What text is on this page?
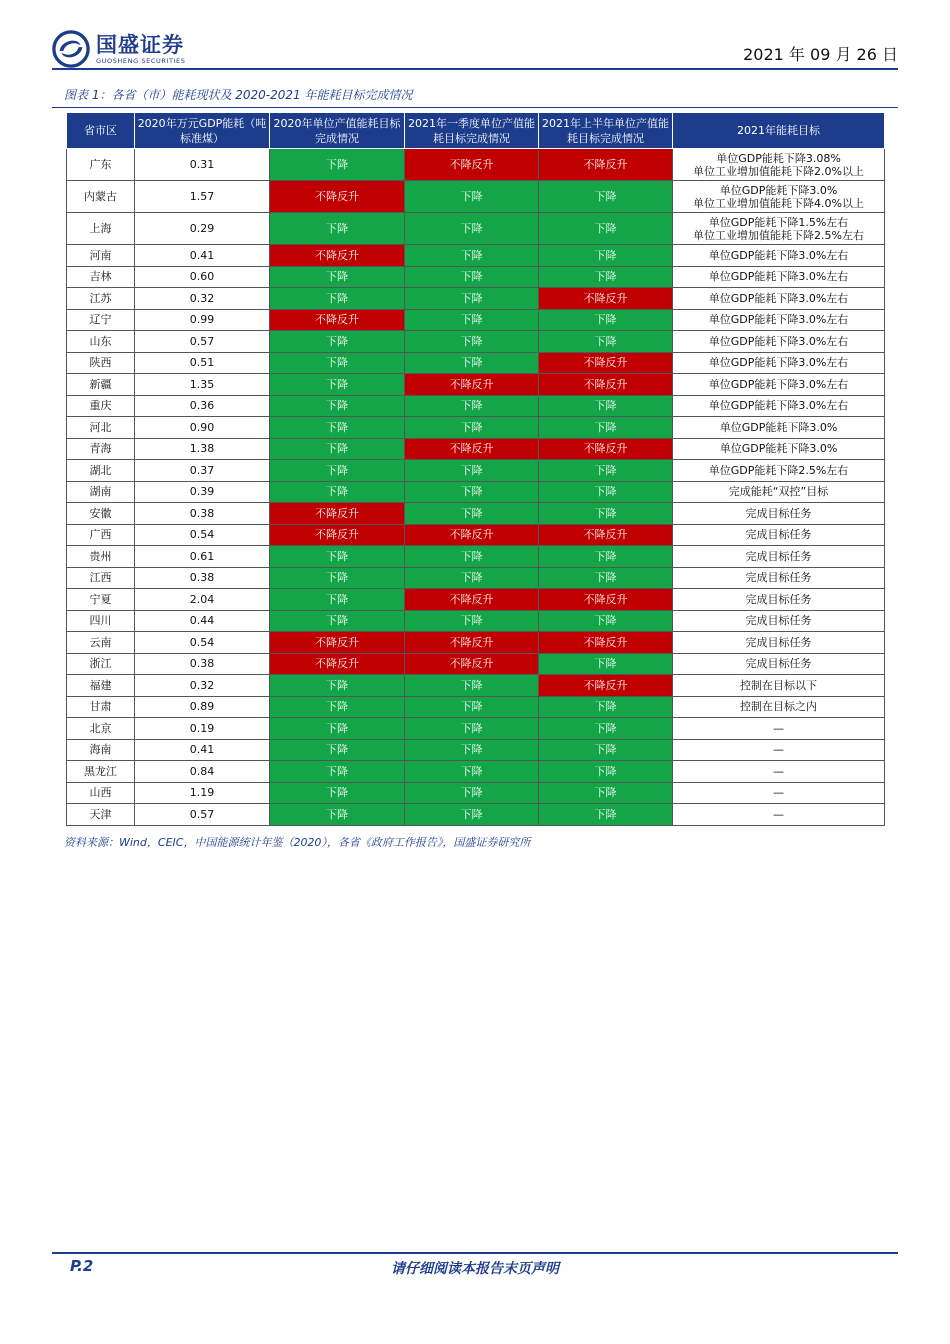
国盛证券
GUOSHENG SECURITIES	2021 年 09 月 26 日
图表 1：各省（市）能耗现状及 2020-2021 年能耗目标完成情况
省市区	2020年万元GDP能耗（吨标准煤）	2020年单位产值能耗目标完成情况	2021年一季度单位产值能耗目标完成情况	2021年上半年单位产值能耗目标完成情况	2021年能耗目标
广东	0.31	下降	不降反升	不降反升	单位GDP能耗下降3.08%
单位工业增加值能耗下降2.0%以上
内蒙古	1.57	不降反升	下降	下降	单位GDP能耗下降3.0%
单位工业增加值能耗下降4.0%以上
上海	0.29	下降	下降	下降	单位GDP能耗下降1.5%左右
单位工业增加值能耗下降2.5%左右
河南	0.41	不降反升	下降	下降	单位GDP能耗下降3.0%左右
吉林	0.60	下降	下降	下降	单位GDP能耗下降3.0%左右
江苏	0.32	下降	下降	不降反升	单位GDP能耗下降3.0%左右
辽宁	0.99	不降反升	下降	下降	单位GDP能耗下降3.0%左右
山东	0.57	下降	下降	下降	单位GDP能耗下降3.0%左右
陕西	0.51	下降	下降	不降反升	单位GDP能耗下降3.0%左右
新疆	1.35	下降	不降反升	不降反升	单位GDP能耗下降3.0%左右
重庆	0.36	下降	下降	下降	单位GDP能耗下降3.0%左右
河北	0.90	下降	下降	下降	单位GDP能耗下降3.0%
青海	1.38	下降	不降反升	不降反升	单位GDP能耗下降3.0%
湖北	0.37	下降	下降	下降	单位GDP能耗下降2.5%左右
湖南	0.39	下降	下降	下降	完成能耗“双控”目标
安徽	0.38	不降反升	下降	下降	完成目标任务
广西	0.54	不降反升	不降反升	不降反升	完成目标任务
贵州	0.61	下降	下降	下降	完成目标任务
江西	0.38	下降	下降	下降	完成目标任务
宁夏	2.04	下降	不降反升	不降反升	完成目标任务
四川	0.44	下降	下降	下降	完成目标任务
云南	0.54	不降反升	不降反升	不降反升	完成目标任务
浙江	0.38	不降反升	不降反升	下降	完成目标任务
福建	0.32	下降	下降	不降反升	控制在目标以下
甘肃	0.89	下降	下降	下降	控制在目标之内
北京	0.19	下降	下降	下降	—
海南	0.41	下降	下降	下降	—
黑龙江	0.84	下降	下降	下降	—
山西	1.19	下降	下降	下降	—
天津	0.57	下降	下降	下降	—
资料来源：Wind，CEIC，中国能源统计年鉴（2020），各省《政府工作报告》，国盛证券研究所
P.2	请仔细阅读本报告末页声明
